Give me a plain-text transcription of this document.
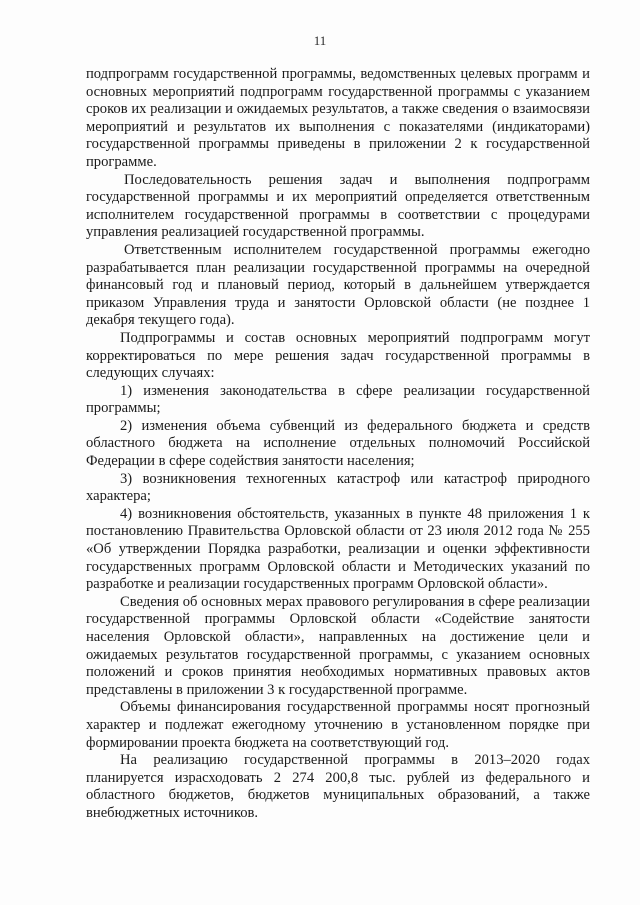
11

подпрограмм государственной программы, ведомственных целевых программ и основных мероприятий подпрограмм государственной программы с указанием сроков их реализации и ожидаемых результатов, а также сведения о взаимосвязи мероприятий и результатов их выполнения с показателями (индикаторами) государственной программы приведены в приложении 2 к государственной программе.

Последовательность решения задач и выполнения подпрограмм государственной программы и их мероприятий определяется ответственным исполнителем государственной программы в соответствии с процедурами управления реализацией государственной программы.

Ответственным исполнителем государственной программы ежегодно разрабатывается план реализации государственной программы на очередной финансовый год и плановый период, который в дальнейшем утверждается приказом Управления труда и занятости Орловской области (не позднее 1 декабря текущего года).

Подпрограммы и состав основных мероприятий подпрограмм могут корректироваться по мере решения задач государственной программы в следующих случаях:

1) изменения законодательства в сфере реализации государственной программы;

2) изменения объема субвенций из федерального бюджета и средств областного бюджета на исполнение отдельных полномочий Российской Федерации в сфере содействия занятости населения;

3) возникновения техногенных катастроф или катастроф природного характера;

4) возникновения обстоятельств, указанных в пункте 48 приложения 1 к постановлению Правительства Орловской области от 23 июля 2012 года № 255 «Об утверждении Порядка разработки, реализации и оценки эффективности государственных программ Орловской области и Методических указаний по разработке и реализации государственных программ Орловской области».

Сведения об основных мерах правового регулирования в сфере реализации государственной программы Орловской области «Содействие занятости населения Орловской области», направленных на достижение цели и ожидаемых результатов государственной программы, с указанием основных положений и сроков принятия необходимых нормативных правовых актов представлены в приложении 3 к государственной программе.

Объемы финансирования государственной программы носят прогнозный характер и подлежат ежегодному уточнению в установленном порядке при формировании проекта бюджета на соответствующий год.

На реализацию государственной программы в 2013–2020 годах планируется израсходовать 2 274 200,8 тыс. рублей из федерального и областного бюджетов, бюджетов муниципальных образований, а также внебюджетных источников.
